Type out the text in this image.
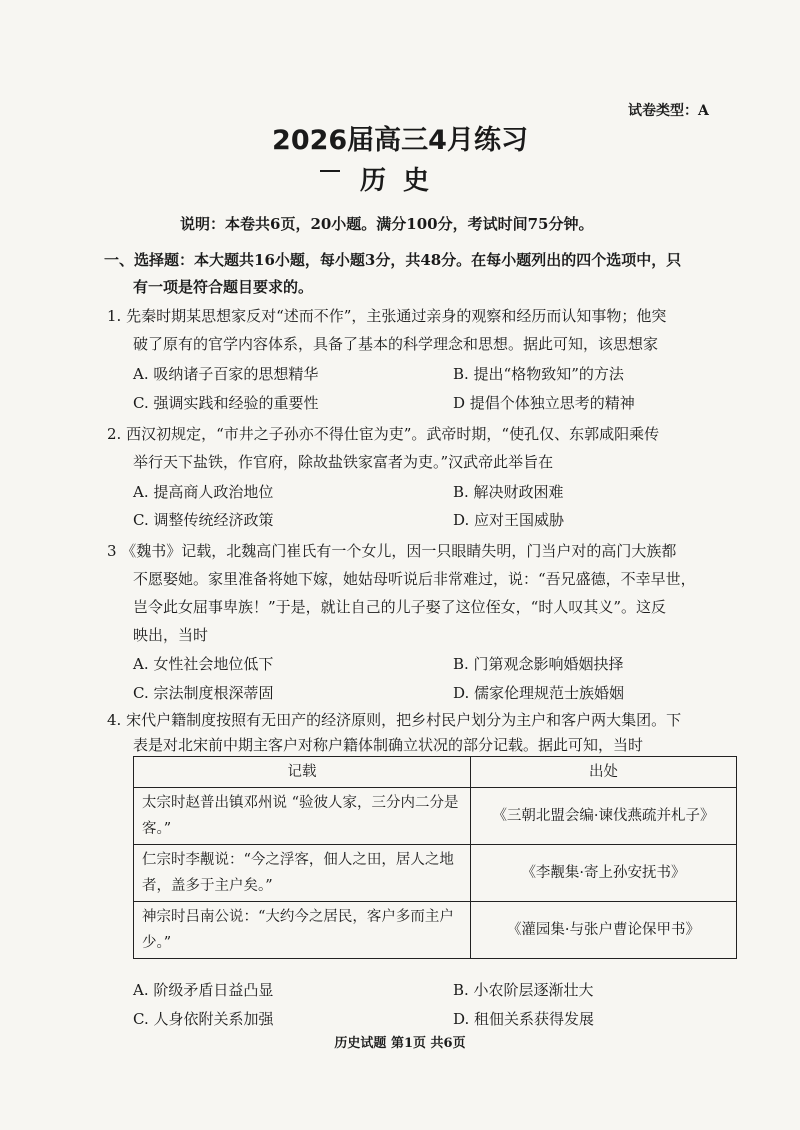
试卷类型：A
2026届高三4月练习
历 史
说明：本卷共6页，20小题。满分100分，考试时间75分钟。
一、选择题：本大题共16小题，每小题3分，共48分。在每小题列出的四个选项中，只
有一项是符合题目要求的。
1. 先秦时期某思想家反对“述而不作”，主张通过亲身的观察和经历而认知事物；他突
破了原有的官学内容体系，具备了基本的科学理念和思想。据此可知，该思想家
A. 吸纳诸子百家的思想精华	B. 提出“格物致知”的方法
C. 强调实践和经验的重要性	D 提倡个体独立思考的精神
2. 西汉初规定，“市井之子孙亦不得仕宦为吏”。武帝时期，“使孔仅、东郭咸阳乘传
举行天下盐铁，作官府，除故盐铁家富者为吏。”汉武帝此举旨在
A. 提高商人政治地位	B. 解决财政困难
C. 调整传统经济政策	D. 应对王国威胁
3 《魏书》记载，北魏高门崔氏有一个女儿，因一只眼睛失明，门当户对的高门大族都
不愿娶她。家里准备将她下嫁，她姑母听说后非常难过，说：“吾兄盛德，不幸早世，
岂令此女屈事卑族！”于是，就让自己的儿子娶了这位侄女，“时人叹其义”。这反
映出，当时
A. 女性社会地位低下	B. 门第观念影响婚姻抉择
C. 宗法制度根深蒂固	D. 儒家伦理规范士族婚姻
4. 宋代户籍制度按照有无田产的经济原则，把乡村民户划分为主户和客户两大集团。下
表是对北宋前中期主客户对称户籍体制确立状况的部分记载。据此可知，当时
记载	出处
太宗时赵普出镇邓州说 “验彼人家，三分内二分是客。”	《三朝北盟会编·谏伐燕疏并札子》
仁宗时李觏说：“今之浮客，佃人之田，居人之地者，盖多于主户矣。”	《李觏集·寄上孙安抚书》
神宗时吕南公说：“大约今之居民，客户多而主户少。”	《灌园集·与张户曹论保甲书》
A. 阶级矛盾日益凸显	B. 小农阶层逐渐壮大
C. 人身依附关系加强	D. 租佃关系获得发展
历史试题 第1页 共6页
